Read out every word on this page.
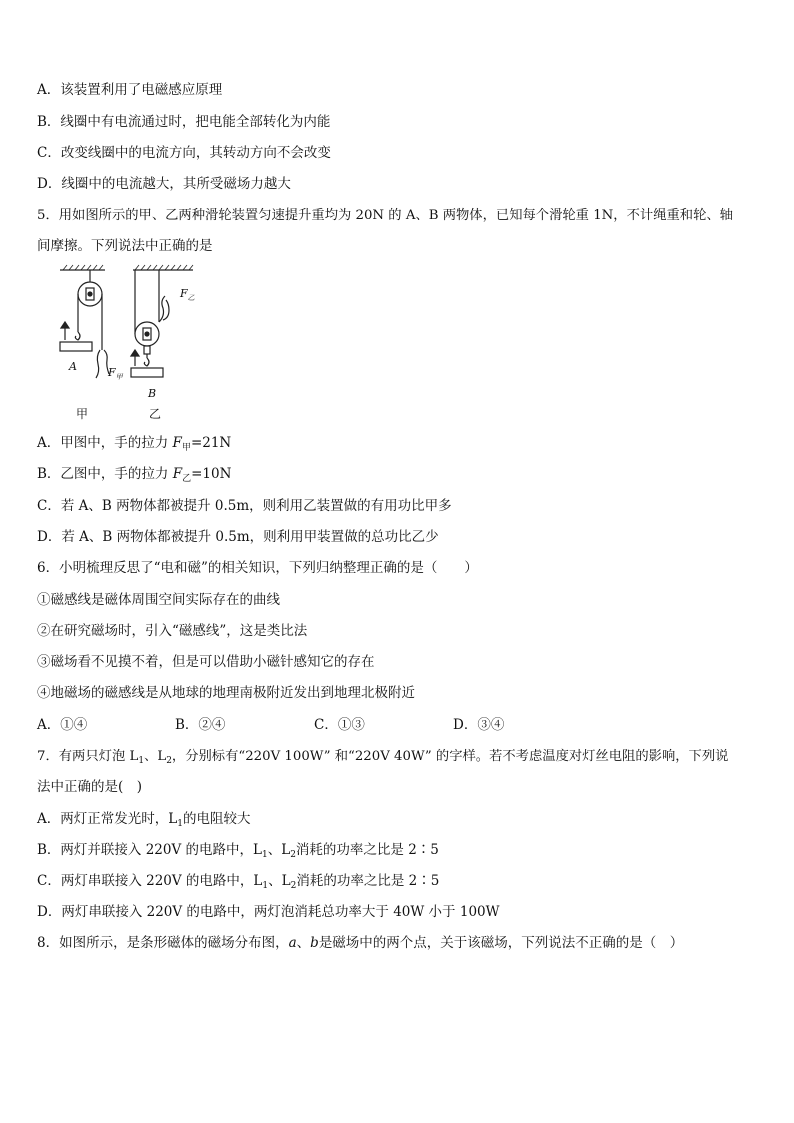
A．该装置利用了电磁感应原理
B．线圈中有电流通过时，把电能全部转化为内能
C．改变线圈中的电流方向，其转动方向不会改变
D．线圈中的电流越大，其所受磁场力越大
5．用如图所示的甲、乙两种滑轮装置匀速提升重均为 20N 的 A、B 两物体，已知每个滑轮重 1N，不计绳重和轮、轴
间摩擦。下列说法中正确的是
A	$F_甲$
$F_乙$
B
甲	乙
A．甲图中，手的拉力 $F_甲=21N$
B．乙图中，手的拉力 $F_乙=10N$
C．若 A、B 两物体都被提升 0.5m，则利用乙装置做的有用功比甲多
D．若 A、B 两物体都被提升 0.5m，则利用甲装置做的总功比乙少
6．小明梳理反思了“电和磁”的相关知识，下列归纳整理正确的是（　　）
①磁感线是磁体周围空间实际存在的曲线
②在研究磁场时，引入“磁感线”，这是类比法
③磁场看不见摸不着，但是可以借助小磁针感知它的存在
④地磁场的磁感线是从地球的地理南极附近发出到地理北极附近
A．①④	B．②④	C．①③	D．③④
7．有两只灯泡 $L_1$、$L_2$，分别标有“220V 100W” 和“220V 40W” 的字样。若不考虑温度对灯丝电阻的影响，下列说
法中正确的是(　)
A．两灯正常发光时，$L_1$的电阻较大
B．两灯并联接入 220V 的电路中，$L_1$、$L_2$消耗的功率之比是 2∶5
C．两灯串联接入 220V 的电路中，$L_1$、$L_2$消耗的功率之比是 2∶5
D．两灯串联接入 220V 的电路中，两灯泡消耗总功率大于 40W 小于 100W
8．如图所示，是条形磁体的磁场分布图，a、b是磁场中的两个点，关于该磁场，下列说法不正确的是（　）
